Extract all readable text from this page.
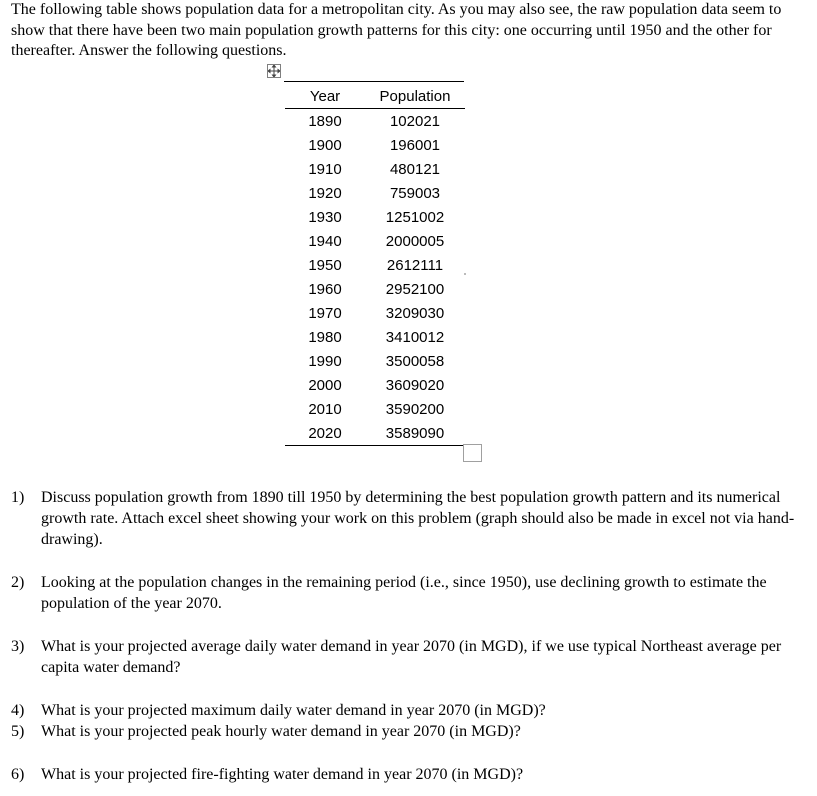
The following table shows population data for a metropolitan city. As you may also see, the raw population data seem to show that there have been two main population growth patterns for this city: one occurring until 1950 and the other for thereafter. Answer the following questions.
Year	Population
1890	102021
1900	196001
1910	480121
1920	759003
1930	1251002
1940	2000005
1950	2612111
1960	2952100
1970	3209030
1980	3410012
1990	3500058
2000	3609020
2010	3590200
2020	3589090
1)	Discuss population growth from 1890 till 1950 by determining the best population growth pattern and its numerical growth rate. Attach excel sheet showing your work on this problem (graph should also be made in excel not via hand-drawing).
2)	Looking at the population changes in the remaining period (i.e., since 1950), use declining growth to estimate the population of the year 2070.
3)	What is your projected average daily water demand in year 2070 (in MGD), if we use typical Northeast average per capita water demand?
4)	What is your projected maximum daily water demand in year 2070 (in MGD)?
5)	What is your projected peak hourly water demand in year 2070 (in MGD)?
6)	What is your projected fire-fighting water demand in year 2070 (in MGD)?
